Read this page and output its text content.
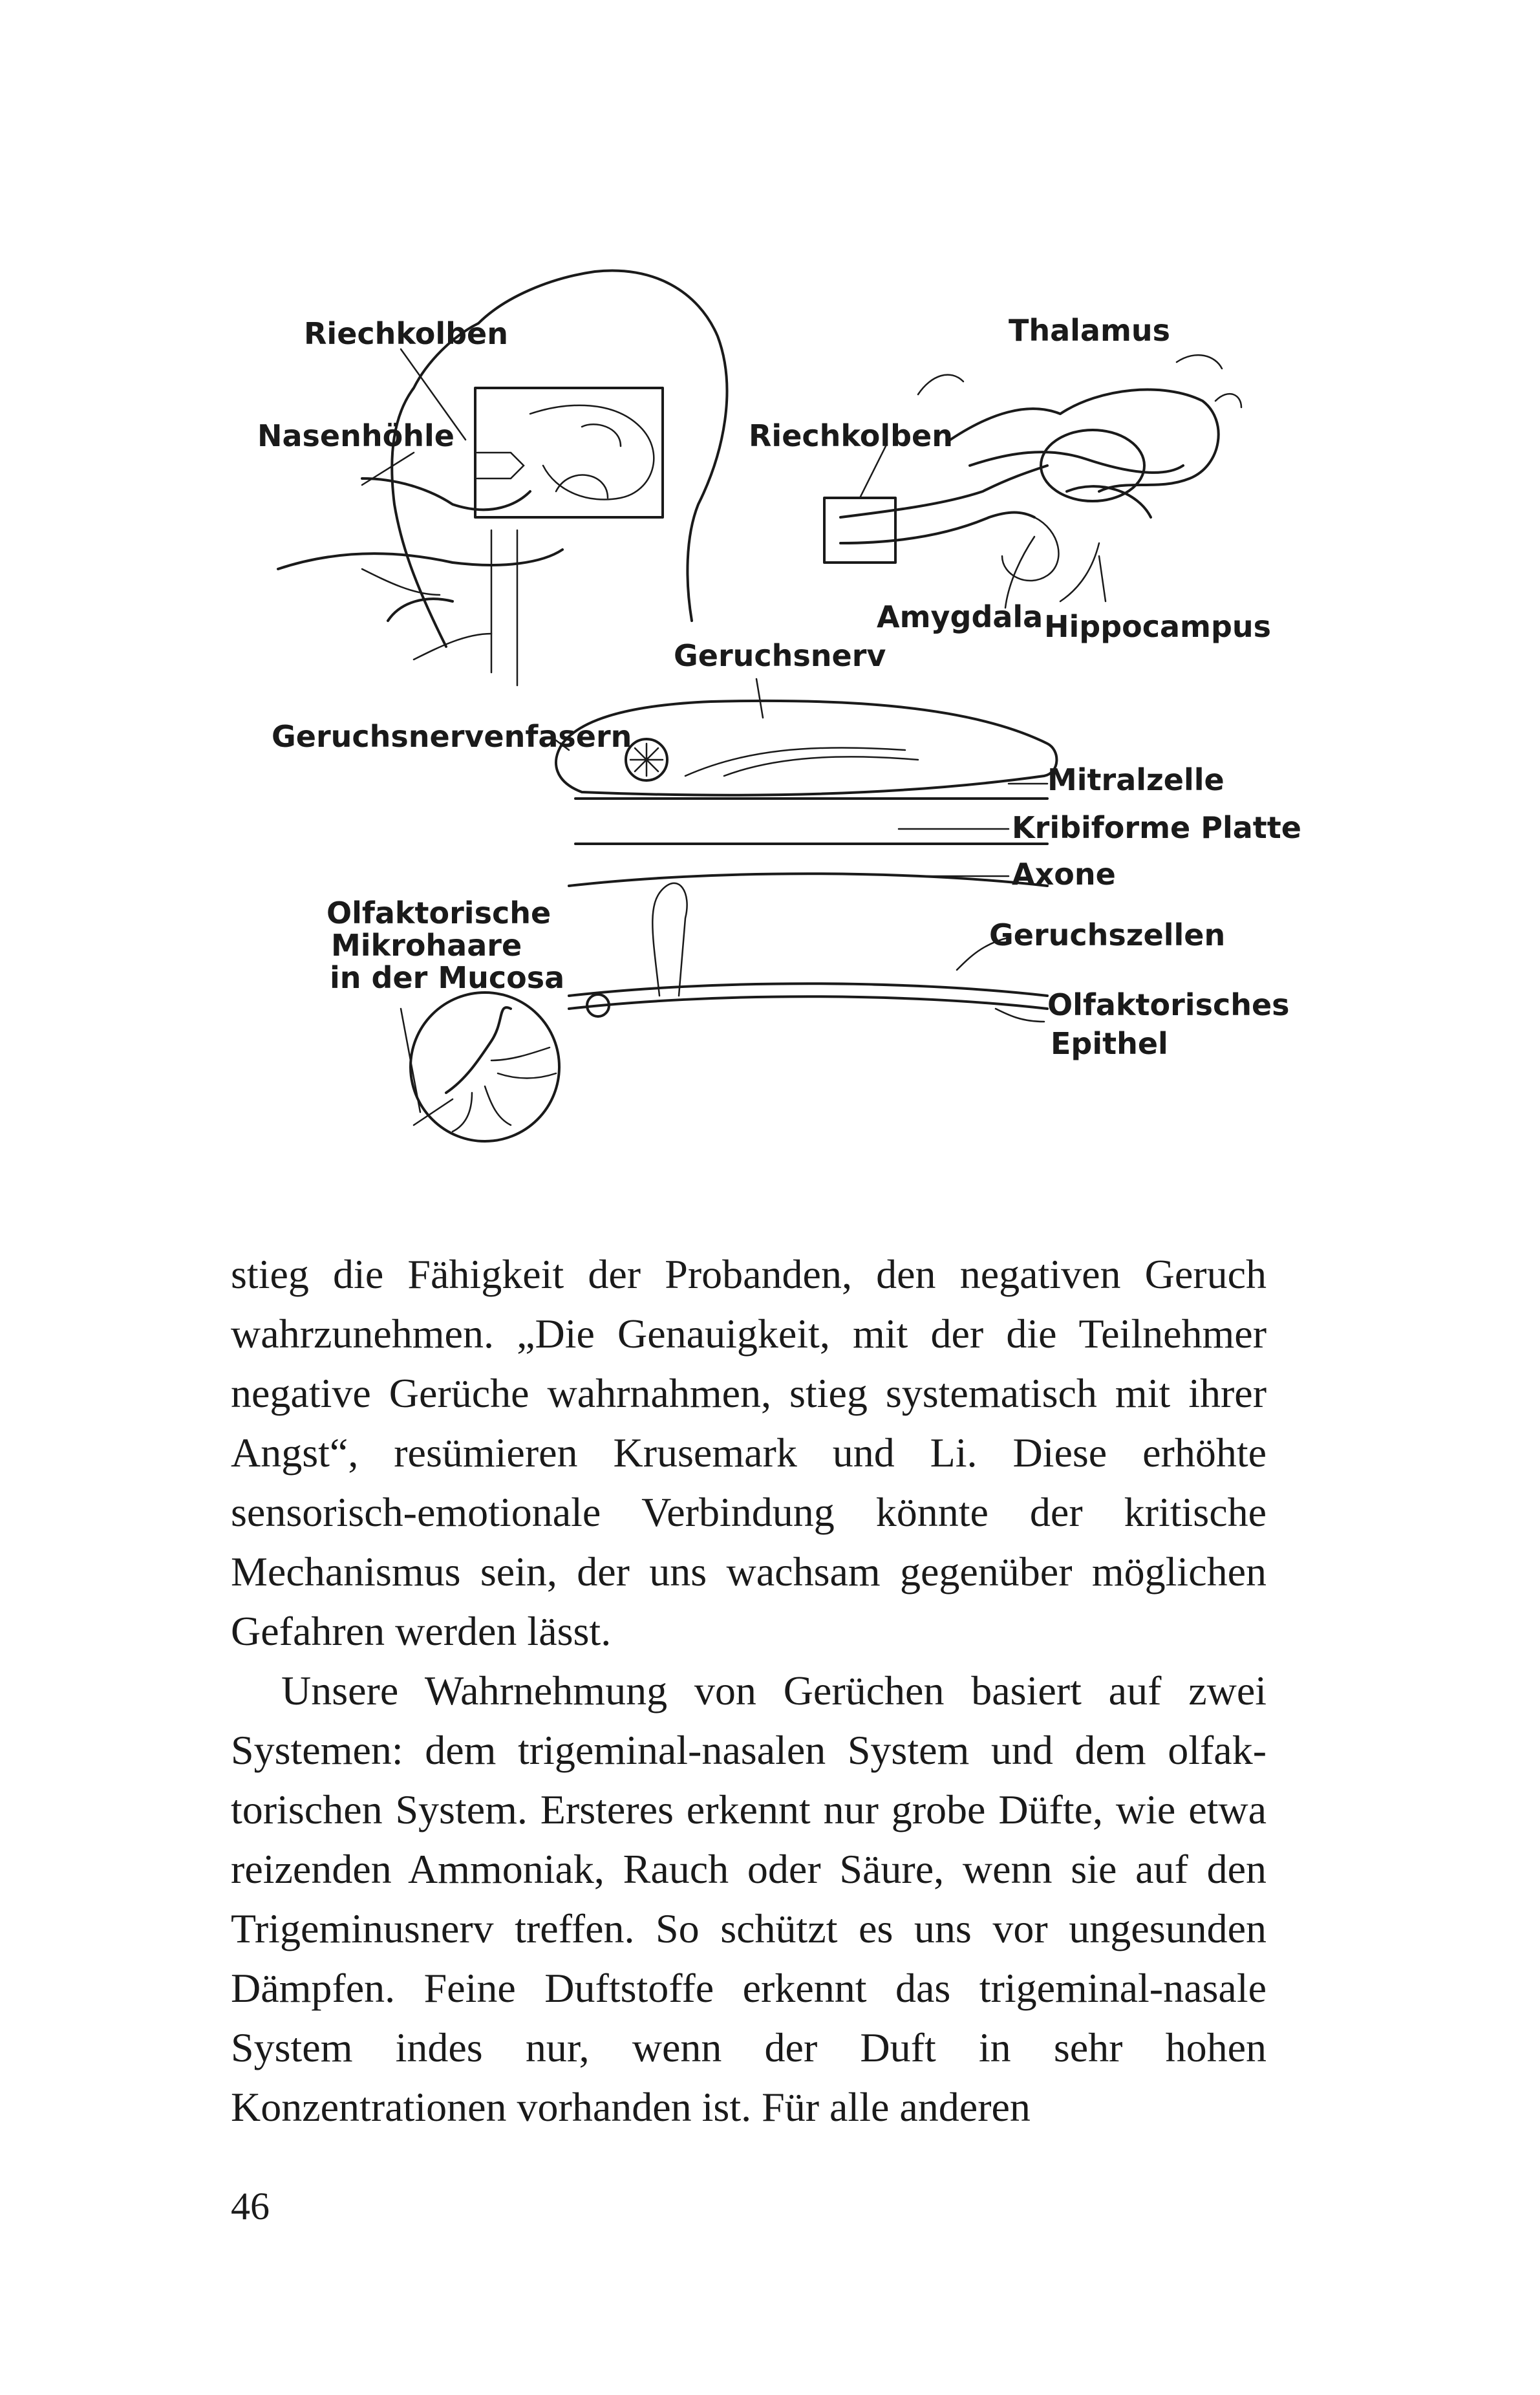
Riechkolben
Nasenhöhle
Thalamus
Riechkolben
Amygdala Hippocampus
Geruchsnerv
Geruchsnervenfasern
Mitralzelle
Kribiforme Platte
Axone
Geruchszellen
Olfaktorisches
Epithel
Olfaktorische
Mikrohaare
in der Mucosa

stieg die Fähigkeit der Probanden, den negativen Geruch wahrzunehmen. „Die Genauigkeit, mit der die Teilnehmer negative Gerüche wahrnahmen, stieg systematisch mit ihrer Angst“, resümieren Krusemark und Li. Diese erhöhte sensorisch-emotionale Verbindung könnte der kritische Mechanismus sein, der uns wachsam gegenüber möglichen Gefahren werden lässt.

Unsere Wahrnehmung von Gerüchen basiert auf zwei Systemen: dem trigeminal-nasalen System und dem olfaktorischen System. Ersteres erkennt nur grobe Düfte, wie etwa reizenden Ammoniak, Rauch oder Säure, wenn sie auf den Trigeminusnerv treffen. So schützt es uns vor ungesunden Dämpfen. Feine Duftstoffe erkennt das trigeminal-nasale System indes nur, wenn der Duft in sehr hohen Konzentrationen vorhanden ist. Für alle anderen

46
